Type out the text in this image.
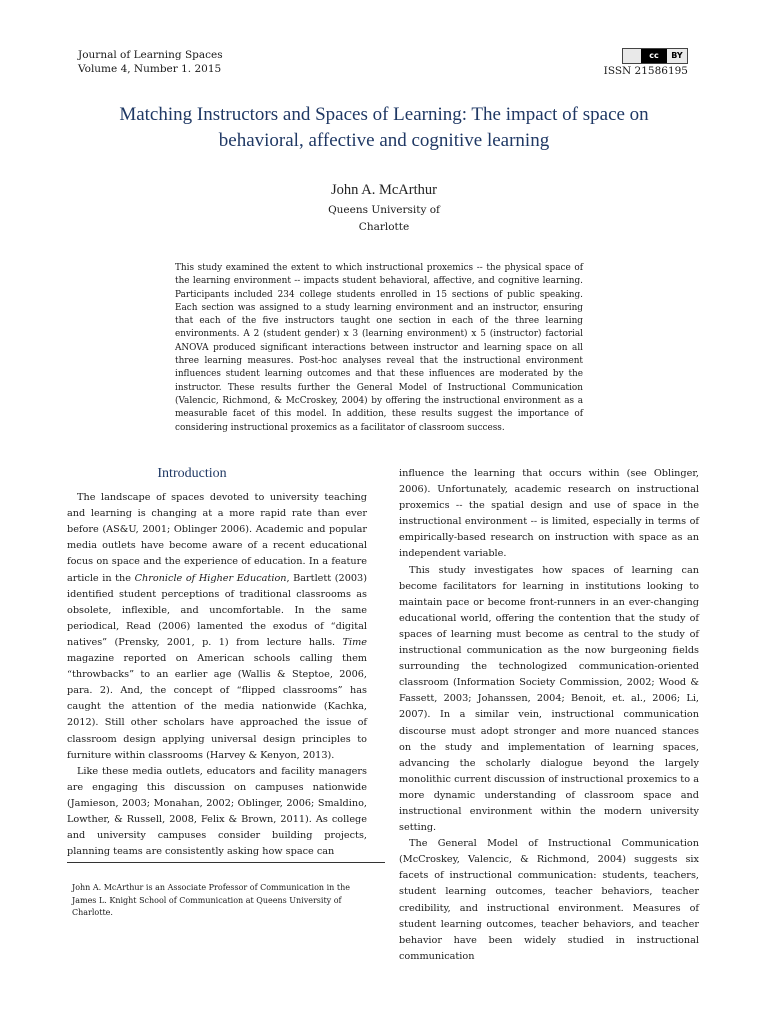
Journal of Learning Spaces
Volume 4, Number 1. 2015
cc BY
ISSN 21586195
Matching Instructors and Spaces of Learning: The impact of space on behavioral, affective and cognitive learning
John A. McArthur
Queens University of
Charlotte

This study examined the extent to which instructional proxemics -- the physical space of the learning environment -- impacts student behavioral, affective, and cognitive learning. Participants included 234 college students enrolled in 15 sections of public speaking. Each section was assigned to a study learning environment and an instructor, ensuring that each of the five instructors taught one section in each of the three learning environments. A 2 (student gender) x 3 (learning environment) x 5 (instructor) factorial ANOVA produced significant interactions between instructor and learning space on all three learning measures. Post-hoc analyses reveal that the instructional environment influences student learning outcomes and that these influences are moderated by the instructor. These results further the General Model of Instructional Communication (Valencic, Richmond, & McCroskey, 2004) by offering the instructional environment as a measurable facet of this model. In addition, these results suggest the importance of considering instructional proxemics as a facilitator of classroom success.

Introduction

The landscape of spaces devoted to university teaching and learning is changing at a more rapid rate than ever before (AS&U, 2001; Oblinger 2006). Academic and popular media outlets have become aware of a recent educational focus on space and the experience of education. In a feature article in the Chronicle of Higher Education, Bartlett (2003) identified student perceptions of traditional classrooms as obsolete, inflexible, and uncomfortable. In the same periodical, Read (2006) lamented the exodus of “digital natives” (Prensky, 2001, p. 1) from lecture halls. Time magazine reported on American schools calling them “throwbacks” to an earlier age (Wallis & Steptoe, 2006, para. 2). And, the concept of “flipped classrooms” has caught the attention of the media nationwide (Kachka, 2012). Still other scholars have approached the issue of classroom design applying universal design principles to furniture within classrooms (Harvey & Kenyon, 2013).

Like these media outlets, educators and facility managers are engaging this discussion on campuses nationwide (Jamieson, 2003; Monahan, 2002; Oblinger, 2006; Smaldino, Lowther, & Russell, 2008, Felix & Brown, 2011). As college and university campuses consider building projects, planning teams are consistently asking how space can

influence the learning that occurs within (see Oblinger, 2006). Unfortunately, academic research on instructional proxemics -- the spatial design and use of space in the instructional environment -- is limited, especially in terms of empirically-based research on instruction with space as an independent variable.

This study investigates how spaces of learning can become facilitators for learning in institutions looking to maintain pace or become front-runners in an ever-changing educational world, offering the contention that the study of spaces of learning must become as central to the study of instructional communication as the now burgeoning fields surrounding the technologized communication-oriented classroom (Information Society Commission, 2002; Wood & Fassett, 2003; Johanssen, 2004; Benoit, et. al., 2006; Li, 2007). In a similar vein, instructional communication discourse must adopt stronger and more nuanced stances on the study and implementation of learning spaces, advancing the scholarly dialogue beyond the largely monolithic current discussion of instructional proxemics to a more dynamic understanding of classroom space and instructional environment within the modern university setting.

The General Model of Instructional Communication (McCroskey, Valencic, & Richmond, 2004) suggests six facets of instructional communication: students, teachers, student learning outcomes, teacher behaviors, teacher credibility, and instructional environment. Measures of student learning outcomes, teacher behaviors, and teacher behavior have been widely studied in instructional communication

John A. McArthur is an Associate Professor of Communication in the James L. Knight School of Communication at Queens University of Charlotte.
